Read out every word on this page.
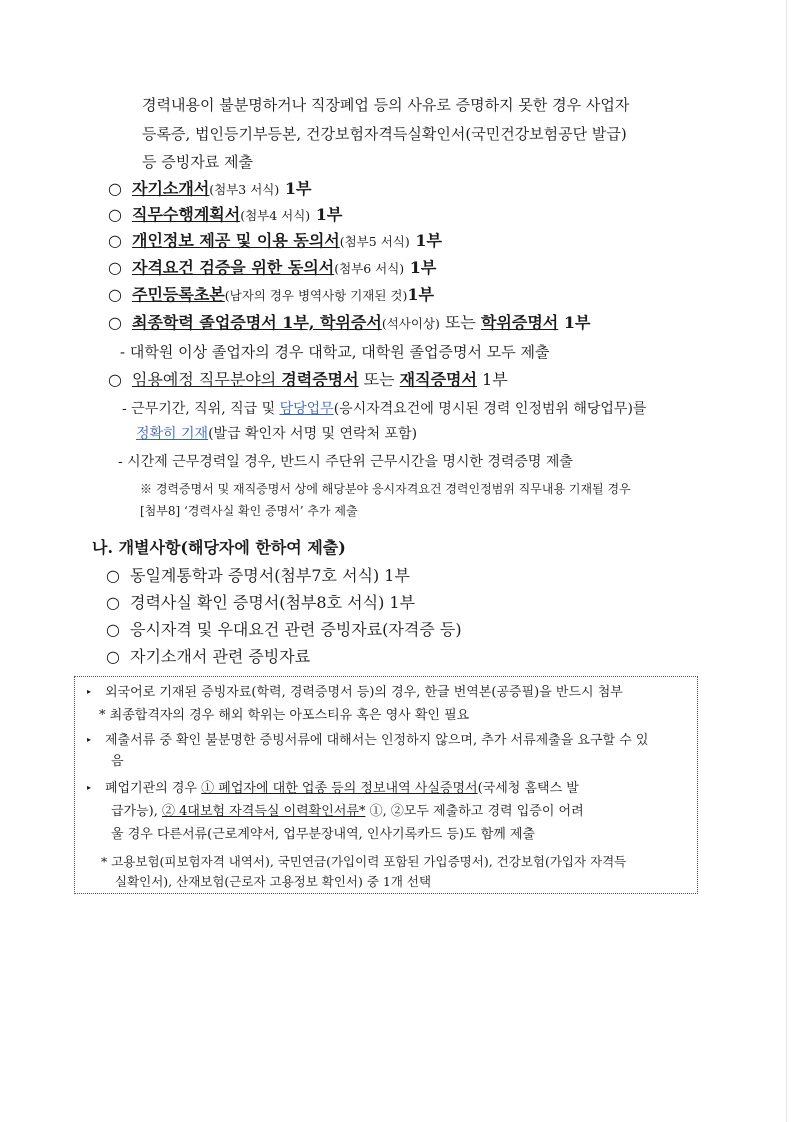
경력내용이 불분명하거나 직장폐업 등의 사유로 증명하지 못한 경우 사업자
등록증, 법인등기부등본, 건강보험자격득실확인서(국민건강보험공단 발급)
등 증빙자료 제출
○ 자기소개서(첨부3 서식) 1부
○ 직무수행계획서(첨부4 서식) 1부
○ 개인정보 제공 및 이용 동의서(첨부5 서식) 1부
○ 자격요건 검증을 위한 동의서(첨부6 서식) 1부
○ 주민등록초본(남자의 경우 병역사항 기재된 것)1부
○ 최종학력 졸업증명서 1부, 학위증서(석사이상) 또는 학위증명서 1부
- 대학원 이상 졸업자의 경우 대학교, 대학원 졸업증명서 모두 제출
○ 임용예정 직무분야의 경력증명서 또는 재직증명서 1부
- 근무기간, 직위, 직급 및 담당업무(응시자격요건에 명시된 경력 인정범위 해당업무)를
정확히 기재(발급 확인자 서명 및 연락처 포함)
- 시간제 근무경력일 경우, 반드시 주단위 근무시간을 명시한 경력증명 제출
※ 경력증명서 및 재직증명서 상에 해당분야 응시자격요건 경력인정범위 직무내용 기재될 경우
[첨부8] ‘경력사실 확인 증명서’ 추가 제출
나. 개별사항(해당자에 한하여 제출)
○ 동일계통학과 증명서(첨부7호 서식) 1부
○ 경력사실 확인 증명서(첨부8호 서식) 1부
○ 응시자격 및 우대요건 관련 증빙자료(자격증 등)
○ 자기소개서 관련 증빙자료
▸ 외국어로 기재된 증빙자료(학력, 경력증명서 등)의 경우, 한글 번역본(공증필)을 반드시 첨부
* 최종합격자의 경우 해외 학위는 아포스티유 혹은 영사 확인 필요
▸ 제출서류 중 확인 불분명한 증빙서류에 대해서는 인정하지 않으며, 추가 서류제출을 요구할 수 있
음
▸ 폐업기관의 경우 ① 폐업자에 대한 업종 등의 정보내역 사실증명서(국세청 홈택스 발
급가능), ② 4대보험 자격득실 이력확인서류* ①, ②모두 제출하고 경력 입증이 어려
울 경우 다른서류(근로계약서, 업무분장내역, 인사기록카드 등)도 함께 제출
* 고용보험(피보험자격 내역서), 국민연금(가입이력 포함된 가입증명서), 건강보험(가입자 자격득
실확인서), 산재보험(근로자 고용정보 확인서) 중 1개 선택
